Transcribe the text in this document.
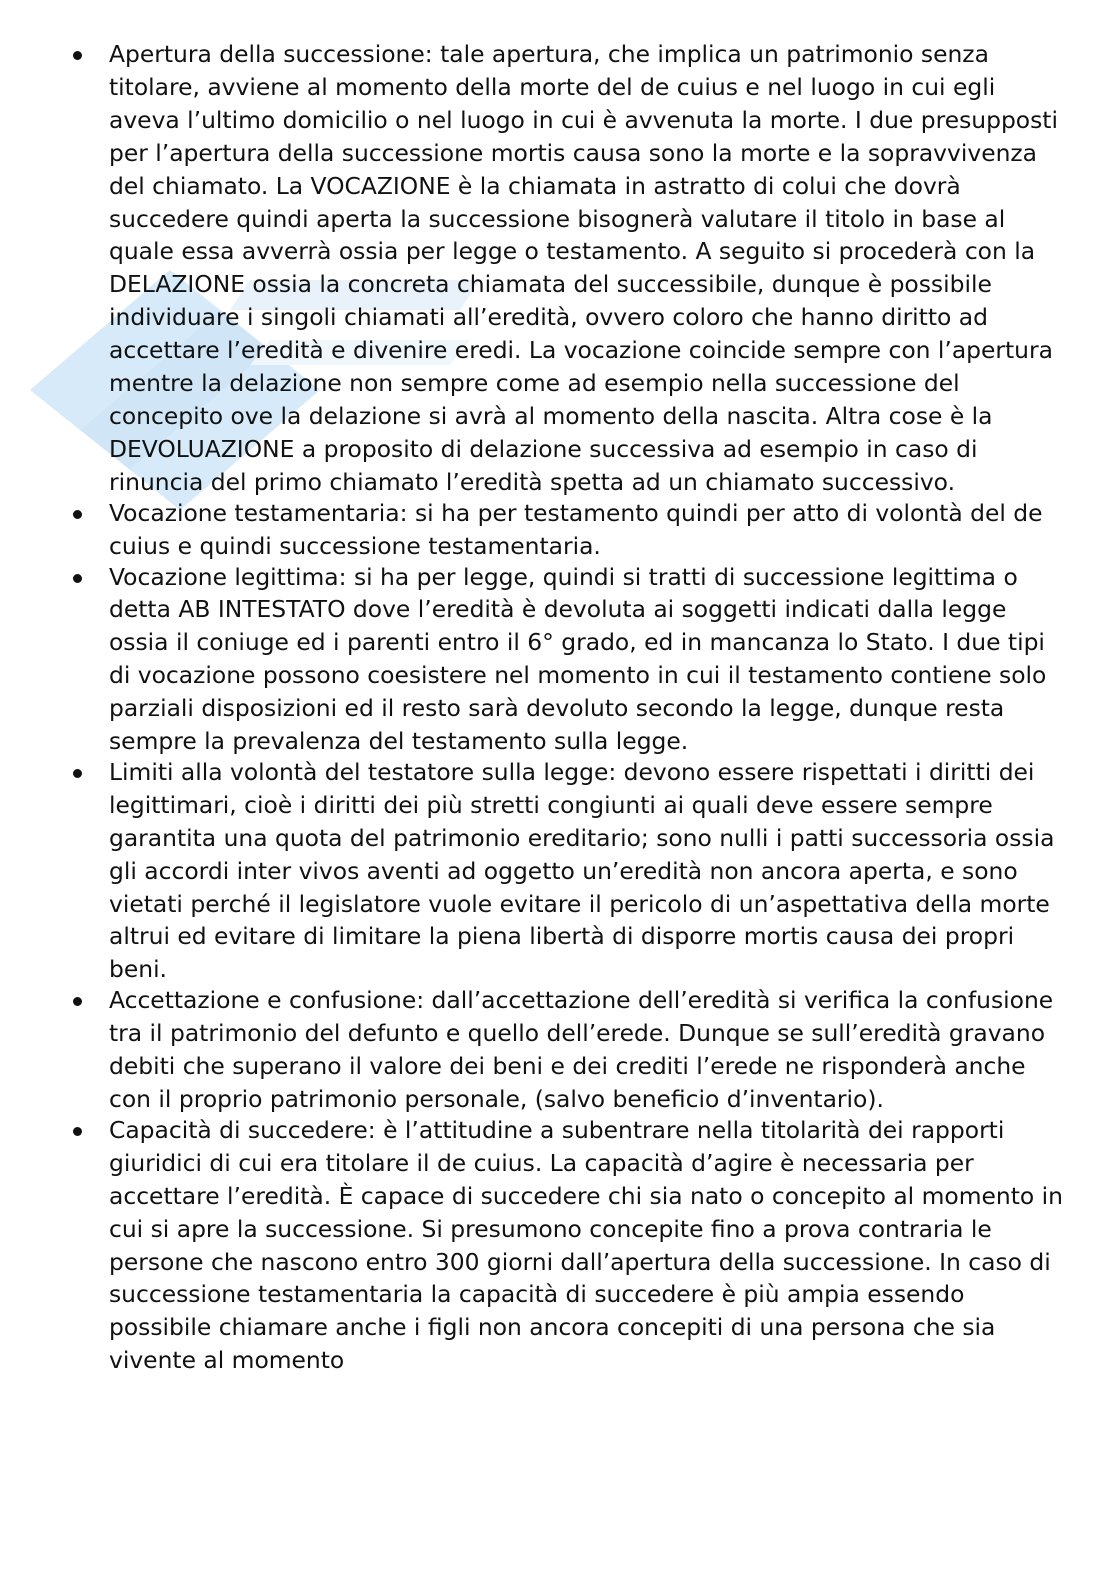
Apertura della successione: tale apertura, che implica un patrimonio senza titolare, avviene al momento della morte del de cuius e nel luogo in cui egli aveva l’ultimo domicilio o nel luogo in cui è avvenuta la morte. I due presupposti per l’apertura della successione mortis causa sono la morte e la sopravvivenza del chiamato. La VOCAZIONE è la chiamata in astratto di colui che dovrà succedere quindi aperta la successione bisognerà valutare il titolo in base al quale essa avverrà ossia per legge o testamento. A seguito si procederà con la DELAZIONE ossia la concreta chiamata del successibile, dunque è possibile individuare i singoli chiamati all’eredità, ovvero coloro che hanno diritto ad accettare l’eredità e divenire eredi. La vocazione coincide sempre con l’apertura mentre la delazione non sempre come ad esempio nella successione del concepito ove la delazione si avrà al momento della nascita. Altra cose è la DEVOLUAZIONE a proposito di delazione successiva ad esempio in caso di rinuncia del primo chiamato l’eredità spetta ad un chiamato successivo.
Vocazione testamentaria: si ha per testamento quindi per atto di volontà del de cuius e quindi successione testamentaria.
Vocazione legittima: si ha per legge, quindi si tratti di successione legittima o detta AB INTESTATO dove l’eredità è devoluta ai soggetti indicati dalla legge ossia il coniuge ed i parenti entro il 6° grado, ed in mancanza lo Stato. I due tipi di vocazione possono coesistere nel momento in cui il testamento contiene solo parziali disposizioni ed il resto sarà devoluto secondo la legge, dunque resta sempre la prevalenza del testamento sulla legge.
Limiti alla volontà del testatore sulla legge: devono essere rispettati i diritti dei legittimari, cioè i diritti dei più stretti congiunti ai quali deve essere sempre garantita una quota del patrimonio ereditario; sono nulli i patti successoria ossia gli accordi inter vivos aventi ad oggetto un’eredità non ancora aperta, e sono vietati perché il legislatore vuole evitare il pericolo di un’aspettativa della morte altrui ed evitare di limitare la piena libertà di disporre mortis causa dei propri beni.
Accettazione e confusione: dall’accettazione dell’eredità si verifica la confusione tra il patrimonio del defunto e quello dell’erede. Dunque se sull’eredità gravano debiti che superano il valore dei beni e dei crediti l’erede ne risponderà anche con il proprio patrimonio personale, (salvo beneficio d’inventario).
Capacità di succedere: è l’attitudine a subentrare nella titolarità dei rapporti giuridici di cui era titolare il de cuius. La capacità d’agire è necessaria per accettare l’eredità. È capace di succedere chi sia nato o concepito al momento in cui si apre la successione. Si presumono concepite fino a prova contraria le persone che nascono entro 300 giorni dall’apertura della successione. In caso di successione testamentaria la capacità di succedere è più ampia essendo possibile chiamare anche i figli non ancora concepiti di una persona che sia vivente al momento
